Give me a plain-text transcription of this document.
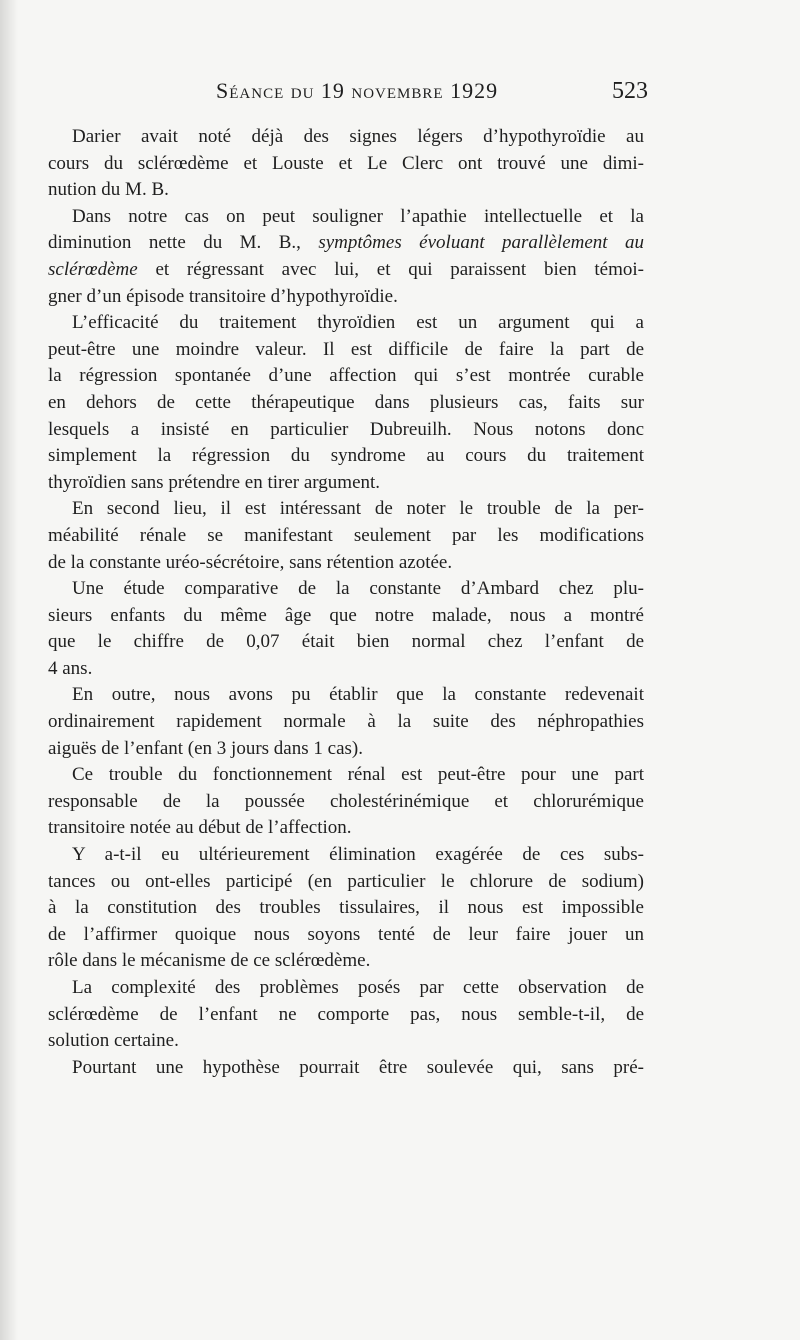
Séance du 19 novembre 1929	523
Darier avait noté déjà des signes légers d’hypothyroïdie au
cours du sclérœdème et Louste et Le Clerc ont trouvé une dimi-
nution du M. B.
Dans notre cas on peut souligner l’apathie intellectuelle et la
diminution nette du M. B., symptômes évoluant parallèlement au
sclérœdème et régressant avec lui, et qui paraissent bien témoi-
gner d’un épisode transitoire d’hypothyroïdie.
L’efficacité du traitement thyroïdien est un argument qui a
peut-être une moindre valeur. Il est difficile de faire la part de
la régression spontanée d’une affection qui s’est montrée curable
en dehors de cette thérapeutique dans plusieurs cas, faits sur
lesquels a insisté en particulier Dubreuilh. Nous notons donc
simplement la régression du syndrome au cours du traitement
thyroïdien sans prétendre en tirer argument.
En second lieu, il est intéressant de noter le trouble de la per-
méabilité rénale se manifestant seulement par les modifications
de la constante uréo-sécrétoire, sans rétention azotée.
Une étude comparative de la constante d’Ambard chez plu-
sieurs enfants du même âge que notre malade, nous a montré
que le chiffre de 0,07 était bien normal chez l’enfant de
4 ans.
En outre, nous avons pu établir que la constante redevenait
ordinairement rapidement normale à la suite des néphropathies
aiguës de l’enfant (en 3 jours dans 1 cas).
Ce trouble du fonctionnement rénal est peut-être pour une part
responsable de la poussée cholestérinémique et chlorurémique
transitoire notée au début de l’affection.
Y a-t-il eu ultérieurement élimination exagérée de ces subs-
tances ou ont-elles participé (en particulier le chlorure de sodium)
à la constitution des troubles tissulaires, il nous est impossible
de l’affirmer quoique nous soyons tenté de leur faire jouer un
rôle dans le mécanisme de ce sclérœdème.
La complexité des problèmes posés par cette observation de
sclérœdème de l’enfant ne comporte pas, nous semble-t-il, de
solution certaine.
Pourtant une hypothèse pourrait être soulevée qui, sans pré-
